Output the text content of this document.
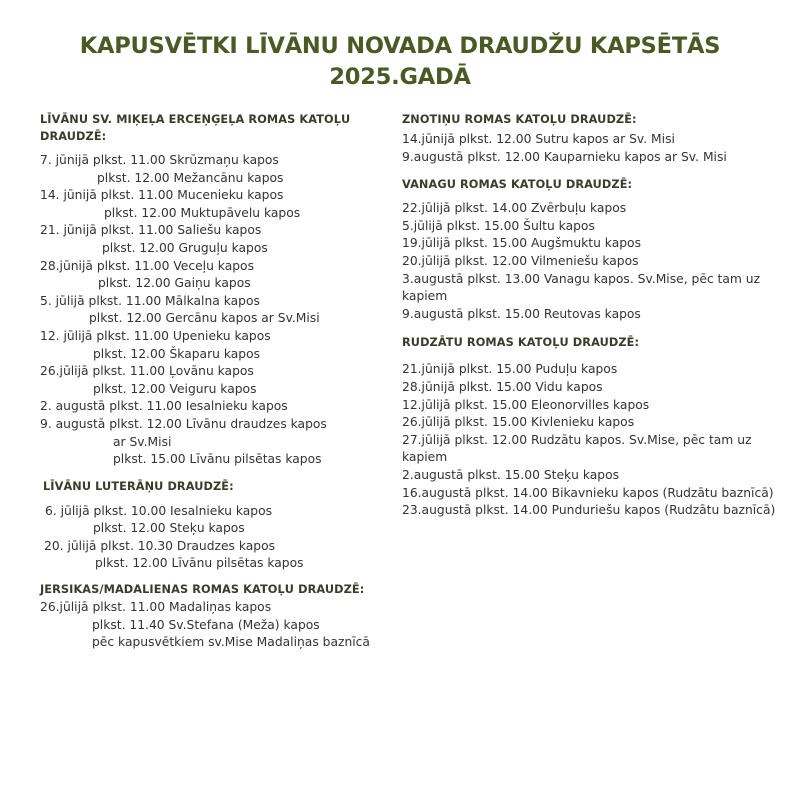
KAPUSVĒTKI LĪVĀNU NOVADA DRAUDŽU KAPSĒTĀS
2025.GADĀ
LĪVĀNU SV. MIĶEĻA ERCEŅĢEĻA ROMAS KATOĻU
DRAUDZĒ:
7. jūnijā plkst. 11.00 Skrūzmaņu kapos
plkst. 12.00 Mežancānu kapos
14. jūnijā plkst. 11.00 Mucenieku kapos
plkst. 12.00 Muktupāvelu kapos
21. jūnijā plkst. 11.00 Saliešu kapos
plkst. 12.00 Gruguļu kapos
28.jūnijā plkst. 11.00 Veceļu kapos
plkst. 12.00 Gaiņu kapos
5. jūlijā plkst. 11.00 Mālkalna kapos
plkst. 12.00 Gercānu kapos ar Sv.Misi
12. jūlijā plkst. 11.00 Upenieku kapos
plkst. 12.00 Škaparu kapos
26.jūlijā plkst. 11.00 Ļovānu kapos
plkst. 12.00 Veiguru kapos
2. augustā plkst. 11.00 Iesalnieku kapos
9. augustā plkst. 12.00 Līvānu draudzes kapos
ar Sv.Misi
plkst. 15.00 Līvānu pilsētas kapos
LĪVĀNU LUTERĀŅU DRAUDZĒ:
6. jūlijā plkst. 10.00 Iesalnieku kapos
plkst. 12.00 Steķu kapos
20. jūlijā plkst. 10.30 Draudzes kapos
plkst. 12.00 Līvānu pilsētas kapos
JERSIKAS/MADALIENAS ROMAS KATOĻU DRAUDZĒ:
26.jūlijā plkst. 11.00 Madaliņas kapos
plkst. 11.40 Sv.Stefana (Meža) kapos
pēc kapusvētkiem sv.Mise Madaliņas baznīcā
ZNOTIŅU ROMAS KATOĻU DRAUDZĒ:
14.jūnijā plkst. 12.00 Sutru kapos ar Sv. Misi
9.augustā plkst. 12.00 Kauparnieku kapos ar Sv. Misi
VANAGU ROMAS KATOĻU DRAUDZĒ:
22.jūlijā plkst. 14.00 Zvērbuļu kapos
5.jūlijā plkst. 15.00 Šultu kapos
19.jūlijā plkst. 15.00 Augšmuktu kapos
20.jūlijā plkst. 12.00 Vilmeniešu kapos
3.augustā plkst. 13.00 Vanagu kapos. Sv.Mise, pēc tam uz kapiem
9.augustā plkst. 15.00 Reutovas kapos
RUDZĀTU ROMAS KATOĻU DRAUDZĒ:
21.jūnijā plkst. 15.00 Puduļu kapos
28.jūnijā plkst. 15.00 Vidu kapos
12.jūlijā plkst. 15.00 Eleonorvilles kapos
26.jūlijā plkst. 15.00 Kivlenieku kapos
27.jūlijā plkst. 12.00 Rudzātu kapos. Sv.Mise, pēc tam uz kapiem
2.augustā plkst. 15.00 Steķu kapos
16.augustā plkst. 14.00 Bikavnieku kapos (Rudzātu baznīcā)
23.augustā plkst. 14.00 Punduriešu kapos (Rudzātu baznīcā)
